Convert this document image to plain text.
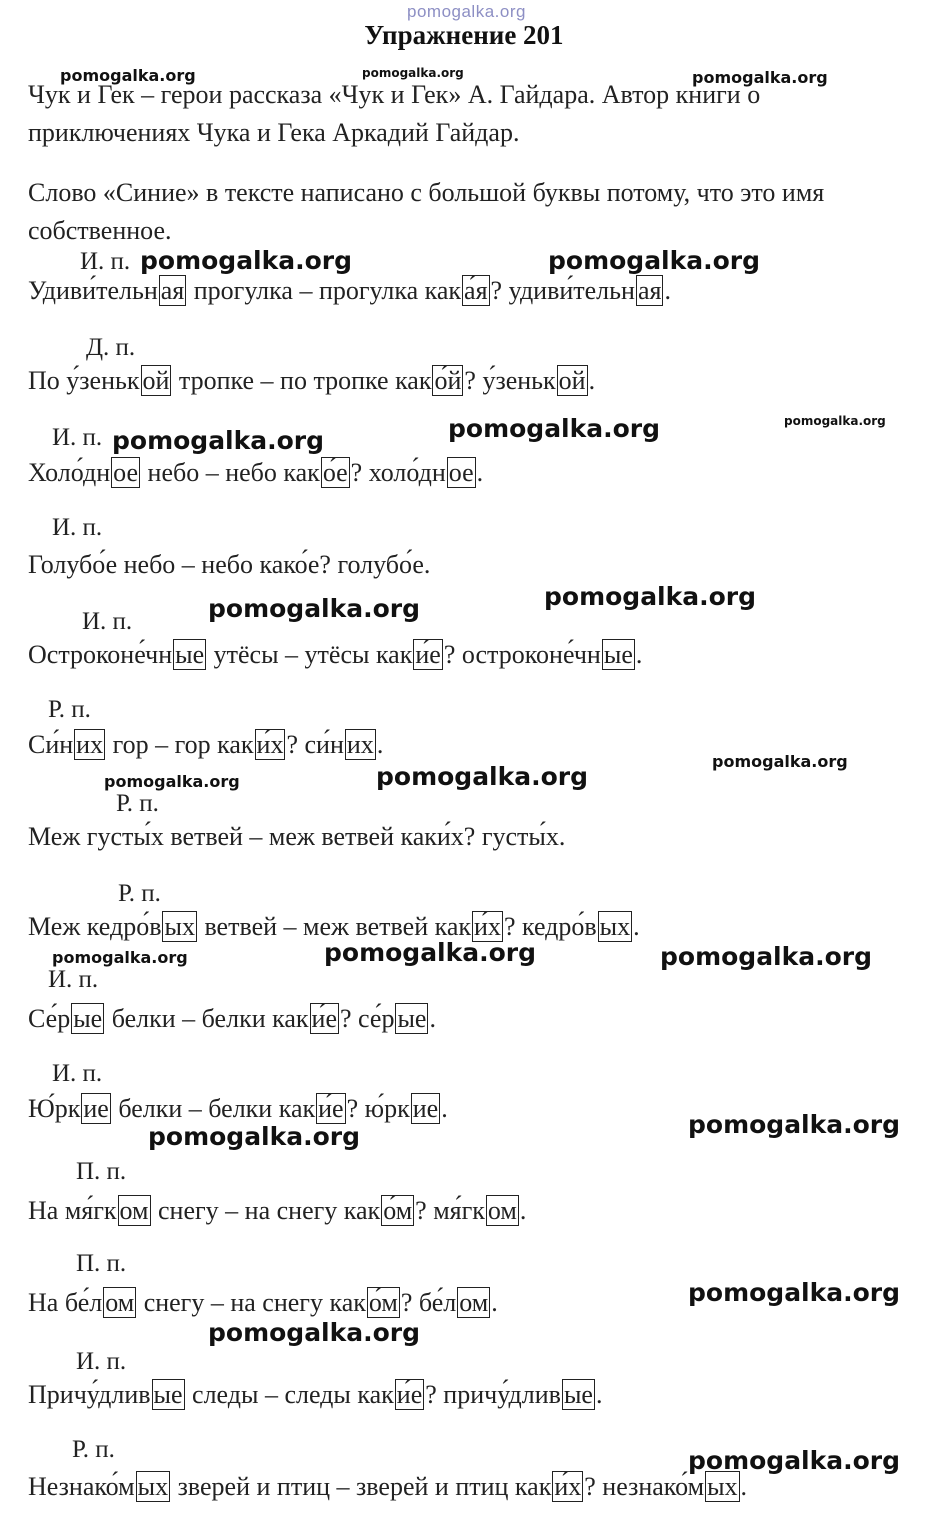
pomogalka.org
Упражнение 201
Чук и Гек – герои рассказа «Чук и Гек» А. Гайдара. Автор книги о приключениях Чука и Гека Аркадий Гайдар.
Слово «Синие» в тексте написано с большой буквы потому, что это имя собственное.
И. п.
Д. п.
И. п.
И. п.
И. п.
Р. п.
Р. п.
Р. п.
И. п.
И. п.
П. п.
П. п.
И. п.
Р. п.
Удиви́тельн ая прогулка – прогулка как а́я ? удиви́тельн ая .
По у́зеньк ой тропке – по тропке как о́й ? у́зеньк ой .
Холо́дн ое небо – небо как о́е ? холо́дн ое .
Голубо́е небо – небо како́е? голубо́е.
Остроконе́чн ые утёсы – утёсы как и́е ? остроконе́чн ые .
Си́н их гор – гор как и́х ? си́н их .
Меж густы́х ветвей – меж ветвей каки́х? густы́х.
Меж кедро́в ых ветвей – меж ветвей как и́х ? кедро́в ых .
Се́р ые белки – белки как и́е ? се́р ые .
Ю́рк ие белки – белки как и́е ? ю́рк ие .
На мя́гк ом снегу – на снегу как о́м ? мя́гк ом .
На бе́л ом снегу – на снегу как о́м ? бе́л ом .
Причу́длив ые следы – следы как и́е ? причу́длив ые .
Незнако́м ых зверей и птиц – зверей и птиц как и́х ? незнако́м ых .
pomogalka.org	pomogalka.org	pomogalka.org
pomogalka.org	pomogalka.org
pomogalka.org	pomogalka.org	pomogalka.org
pomogalka.org	pomogalka.org
pomogalka.org	pomogalka.org
pomogalka.org
pomogalka.org	pomogalka.org	pomogalka.org
pomogalka.org	pomogalka.org
pomogalka.org
pomogalka.org
pomogalka.org
